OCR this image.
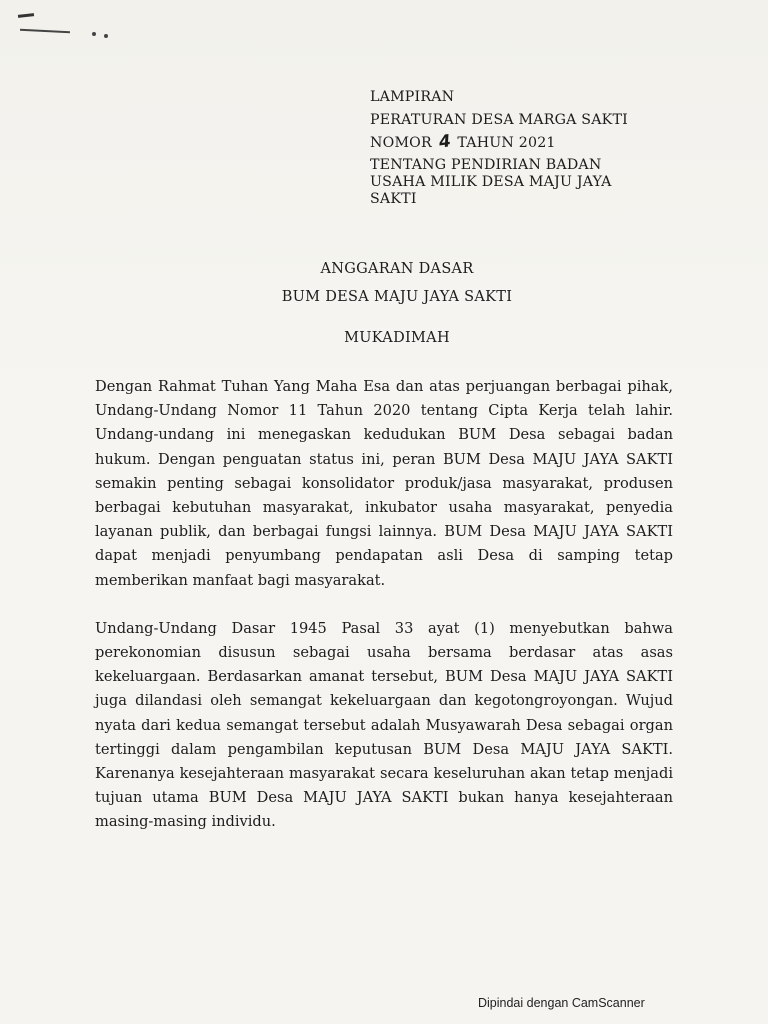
LAMPIRAN
PERATURAN DESA MARGA SAKTI
NOMOR 4 TAHUN 2021
TENTANG PENDIRIAN BADAN
USAHA MILIK DESA MAJU JAYA
SAKTI
ANGGARAN DASAR
BUM DESA MAJU JAYA SAKTI
MUKADIMAH

Dengan Rahmat Tuhan Yang Maha Esa dan atas perjuangan berbagai pihak, Undang-Undang Nomor 11 Tahun 2020 tentang Cipta Kerja telah lahir. Undang-undang ini menegaskan kedudukan BUM Desa sebagai badan hukum. Dengan penguatan status ini, peran BUM Desa MAJU JAYA SAKTI semakin penting sebagai konsolidator produk/jasa masyarakat, produsen berbagai kebutuhan masyarakat, inkubator usaha masyarakat, penyedia layanan publik, dan berbagai fungsi lainnya. BUM Desa MAJU JAYA SAKTI dapat menjadi penyumbang pendapatan asli Desa di samping tetap memberikan manfaat bagi masyarakat.

Undang-Undang Dasar 1945 Pasal 33 ayat (1) menyebutkan bahwa perekonomian disusun sebagai usaha bersama berdasar atas asas kekeluargaan. Berdasarkan amanat tersebut, BUM Desa MAJU JAYA SAKTI juga dilandasi oleh semangat kekeluargaan dan kegotongroyongan. Wujud nyata dari kedua semangat tersebut adalah Musyawarah Desa sebagai organ tertinggi dalam pengambilan keputusan BUM Desa MAJU JAYA SAKTI. Karenanya kesejahteraan masyarakat secara keseluruhan akan tetap menjadi tujuan utama BUM Desa MAJU JAYA SAKTI bukan hanya kesejahteraan masing-masing individu.

Dipindai dengan CamScanner
